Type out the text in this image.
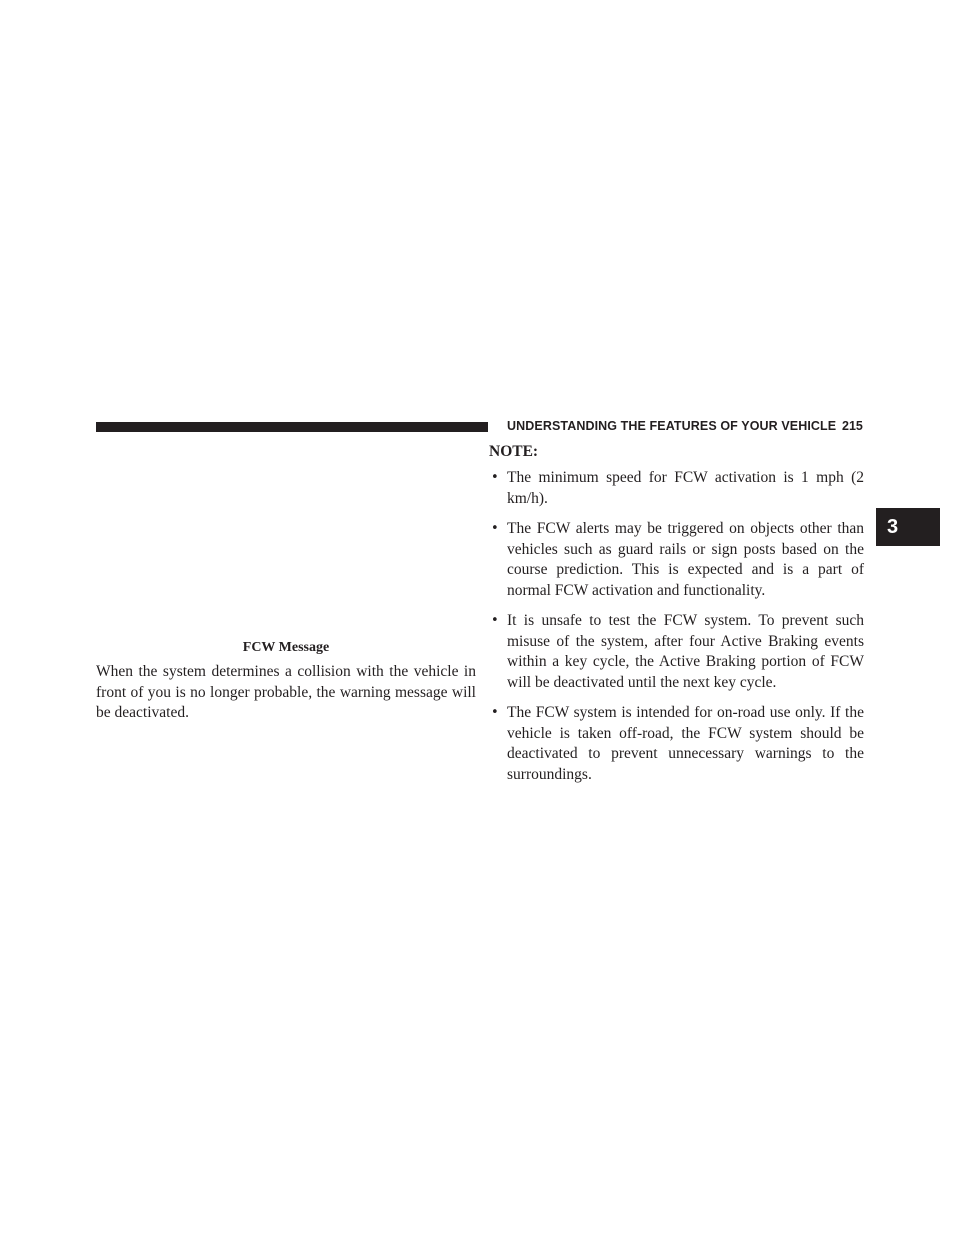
UNDERSTANDING THE FEATURES OF YOUR VEHICLE 215
3
FCW Message

When the system determines a collision with the vehicle in front of you is no longer probable, the warning message will be deactivated.

NOTE:
• The minimum speed for FCW activation is 1 mph (2 km/h).
• The FCW alerts may be triggered on objects other than vehicles such as guard rails or sign posts based on the course prediction. This is expected and is a part of normal FCW activation and functionality.
• It is unsafe to test the FCW system. To prevent such misuse of the system, after four Active Braking events within a key cycle, the Active Braking portion of FCW will be deactivated until the next key cycle.
• The FCW system is intended for on-road use only. If the vehicle is taken off-road, the FCW system should be deactivated to prevent unnecessary warnings to the surroundings.
